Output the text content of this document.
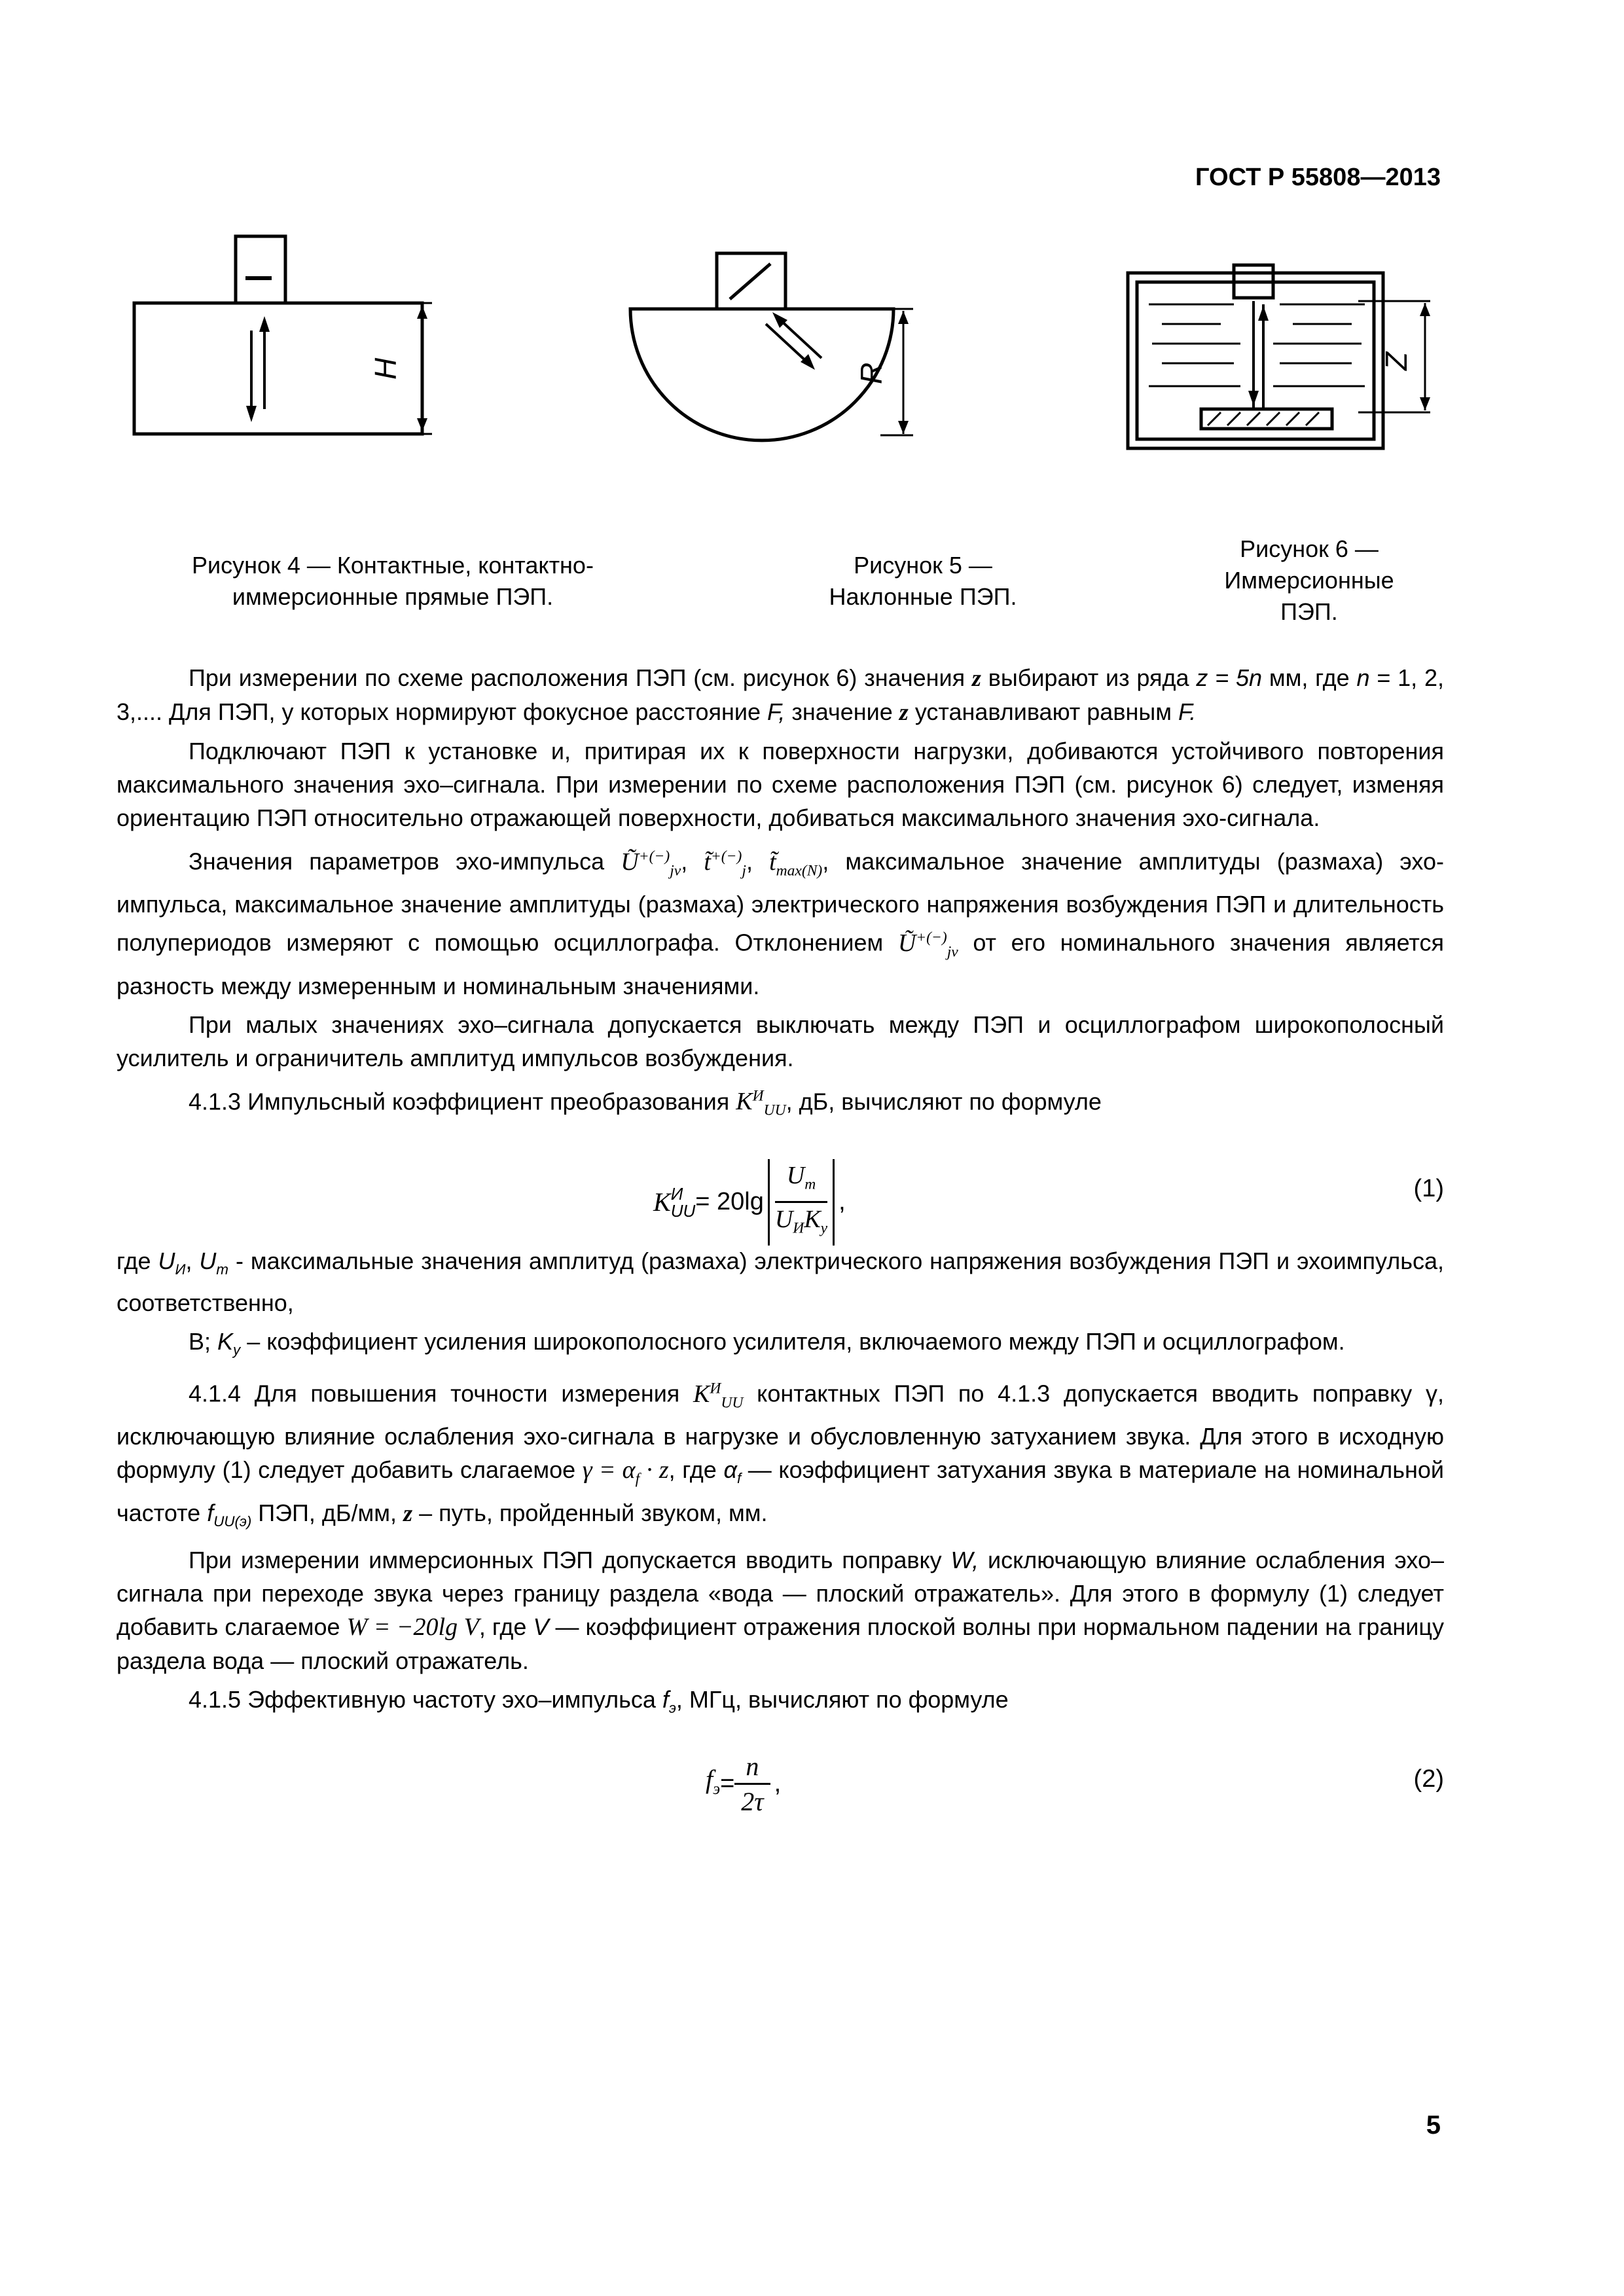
ГОСТ Р 55808—2013
H	R
Z
Рисунок 4 — Контактные, контактно-
иммерсионные прямые ПЭП.
Рисунок 5 —
Наклонные ПЭП.
Рисунок 6 —
Иммерсионные
ПЭП.

При измерении по схеме расположения ПЭП (см. рисунок 6) значения z выбирают из ряда z = 5n мм, где n = 1, 2, 3,.... Для ПЭП, у которых нормируют фокусное расстояние F, значение z устанавливают равным F.

Подключают ПЭП к установке и, притирая их к поверхности нагрузки, добиваются устойчивого повторения максимального значения эхо–сигнала. При измерении по схеме расположения ПЭП (см. рисунок 6) следует, изменяя ориентацию ПЭП относительно отражающей поверхности, добиваться максимального значения эхо-сигнала.

Значения параметров эхо-импульса $Ũ^{+(-)}_{jv}$, $t̃^{+(-)}_j$, $t̃_{max(N)}$, максимальное значение амплитуды (размаха) эхо-импульса, максимальное значение амплитуды (размаха) электрического напряжения возбуждения ПЭП и длительность полупериодов измеряют с помощью осциллографа. Отклонением $Ũ^{+(-)}_{jv}$ от его номинального значения является разность между измеренным и номинальным значениями.

При малых значениях эхо–сигнала допускается выключать между ПЭП и осциллографом широкополосный усилитель и ограничитель амплитуд импульсов возбуждения.

4.1.3 Импульсный коэффициент преобразования $K^И_{UU}$, дБ, вычисляют по формуле

K И
UU = 20lg
$U_m$
$U_ИK_у$
,	(1)

где $U_И$, $U_m$ - максимальные значения амплитуд (размаха) электрического напряжения возбуждения ПЭП и эхоимпульса, соответственно,

В; $K_у$ – коэффициент усиления широкополосного усилителя, включаемого между ПЭП и осциллографом.

4.1.4 Для повышения точности измерения $K^И_{UU}$ контактных ПЭП по 4.1.3 допускается вводить поправку γ, исключающую влияние ослабления эхо-сигнала в нагрузке и обусловленную затуханием звука. Для этого в исходную формулу (1) следует добавить слагаемое $\gamma = \alpha_f \cdot z$, где $\alpha_f$ — коэффициент затухания звука в материале на номинальной частоте $f_{UU(э)}$ ПЭП, дБ/мм, z – путь, пройденный звуком, мм.

При измерении иммерсионных ПЭП допускается вводить поправку W, исключающую влияние ослабления эхо–сигнала при переходе звука через границу раздела «вода — плоский отражатель». Для этого в формулу (1) следует добавить слагаемое W = −20lg V, где V — коэффициент отражения плоской волны при нормальном падении на границу раздела вода — плоский отражатель.

4.1.5 Эффективную частоту эхо–импульса $f_э$, МГц, вычисляют по формуле

$f_э = \frac{n}{2\tau}$ ,	(2)
5
